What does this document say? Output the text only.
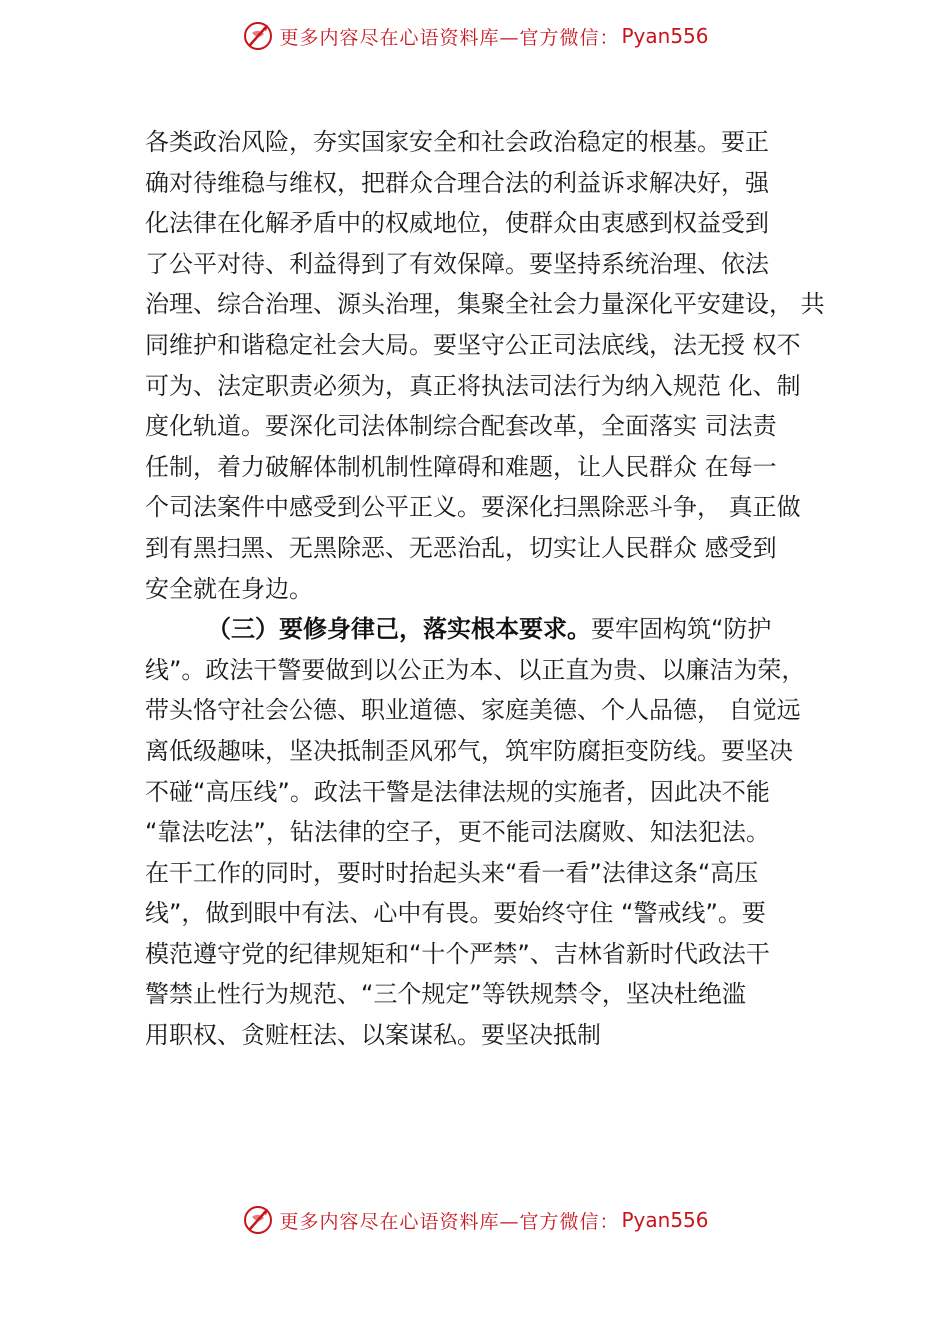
更多内容尽在心语资料库—官方微信： Pyan556
各类政治风险，夯实国家安全和社会政治稳定的根基。要正
确对待维稳与维权，把群众合理合法的利益诉求解决好，强
化法律在化解矛盾中的权威地位，使群众由衷感到权益受到
了公平对待、利益得到了有效保障。要坚持系统治理、依法
治理、综合治理、源头治理，集聚全社会力量深化平安建设， 共
同维护和谐稳定社会大局。要坚守公正司法底线，法无授 权不
可为、法定职责必须为，真正将执法司法行为纳入规范 化、制
度化轨道。要深化司法体制综合配套改革，全面落实 司法责
任制，着力破解体制机制性障碍和难题，让人民群众 在每一
个司法案件中感受到公平正义。要深化扫黑除恶斗争， 真正做
到有黑扫黑、无黑除恶、无恶治乱，切实让人民群众 感受到
安全就在身边。
（三）要修身律己，落实根本要求。要牢固构筑“防护
线”。政法干警要做到以公正为本、以正直为贵、以廉洁为荣，
带头恪守社会公德、职业道德、家庭美德、个人品德， 自觉远
离低级趣味，坚决抵制歪风邪气，筑牢防腐拒变防线。要坚决
不碰“高压线”。政法干警是法律法规的实施者，因此决不能
“靠法吃法”，钻法律的空子，更不能司法腐败、知法犯法。
在干工作的同时，要时时抬起头来“看一看”法律这条“高压
线”，做到眼中有法、心中有畏。要始终守住 “警戒线”。要
模范遵守党的纪律规矩和“十个严禁”、吉林省新时代政法干
警禁止性行为规范、“三个规定”等铁规禁令，坚决杜绝滥
用职权、贪赃枉法、以案谋私。要坚决抵制
更多内容尽在心语资料库—官方微信： Pyan556
